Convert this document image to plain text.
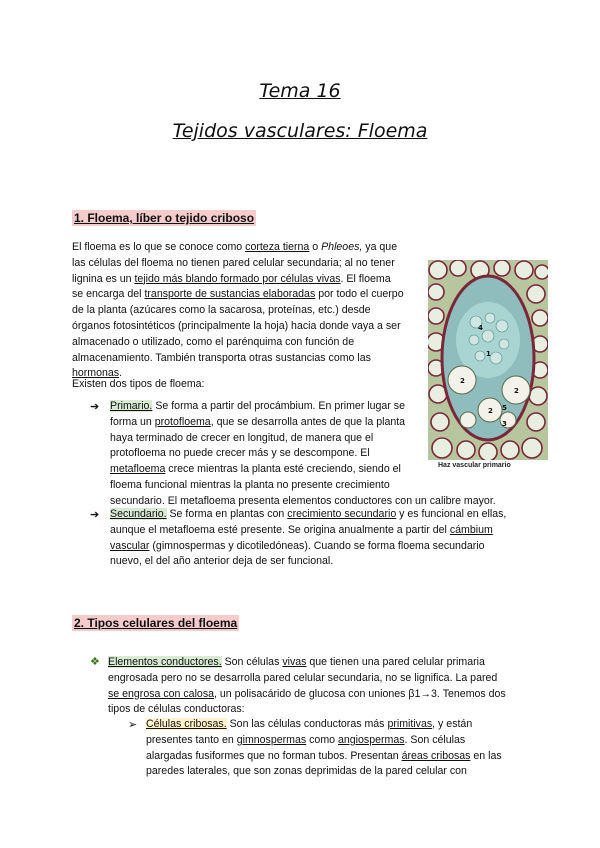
Tema 16
Tejidos vasculares: Floema
1. Floema, líber o tejido criboso
El floema es lo que se conoce como corteza tierna o Phleoes, ya que
las células del floema no tienen pared celular secundaria; al no tener
lignina es un tejido más blando formado por células vivas. El floema
se encarga del transporte de sustancias elaboradas por todo el cuerpo
de la planta (azúcares como la sacarosa, proteínas, etc.) desde
órganos fotosintéticos (principalmente la hoja) hacia donde vaya a ser
almacenado o utilizado, como el parénquima con función de
almacenamiento. También transporta otras sustancias como las
hormonas.
Existen dos tipos de floema:
➔ Primario. Se forma a partir del procámbium. En primer lugar se
forma un protofloema, que se desarrolla antes de que la planta
haya terminado de crecer en longitud, de manera que el
protofloema no puede crecer más y se descompone. El
metafloema crece mientras la planta esté creciendo, siendo el
floema funcional mientras la planta no presente crecimiento
secundario. El metafloema presenta elementos conductores con un calibre mayor.
➔ Secundario. Se forma en plantas con crecimiento secundario y es funcional en ellas,
aunque el metafloema esté presente. Se origina anualmente a partir del cámbium
vascular (gimnospermas y dicotiledóneas). Cuando se forma floema secundario
nuevo, el del año anterior deja de ser funcional.
4
1
2
2
2 5
3
Haz vascular primario
2. Tipos celulares del floema
❖ Elementos conductores. Son células vivas que tienen una pared celular primaria
engrosada pero no se desarrolla pared celular secundaria, no se lignifica. La pared
se engrosa con calosa, un polisacárido de glucosa con uniones β1→3. Tenemos dos
tipos de células conductoras:
➢ Células cribosas. Son las células conductoras más primitivas, y están
presentes tanto en gimnospermas como angiospermas. Son células
alargadas fusiformes que no forman tubos. Presentan áreas cribosas en las
paredes laterales, que son zonas deprimidas de la pared celular con
